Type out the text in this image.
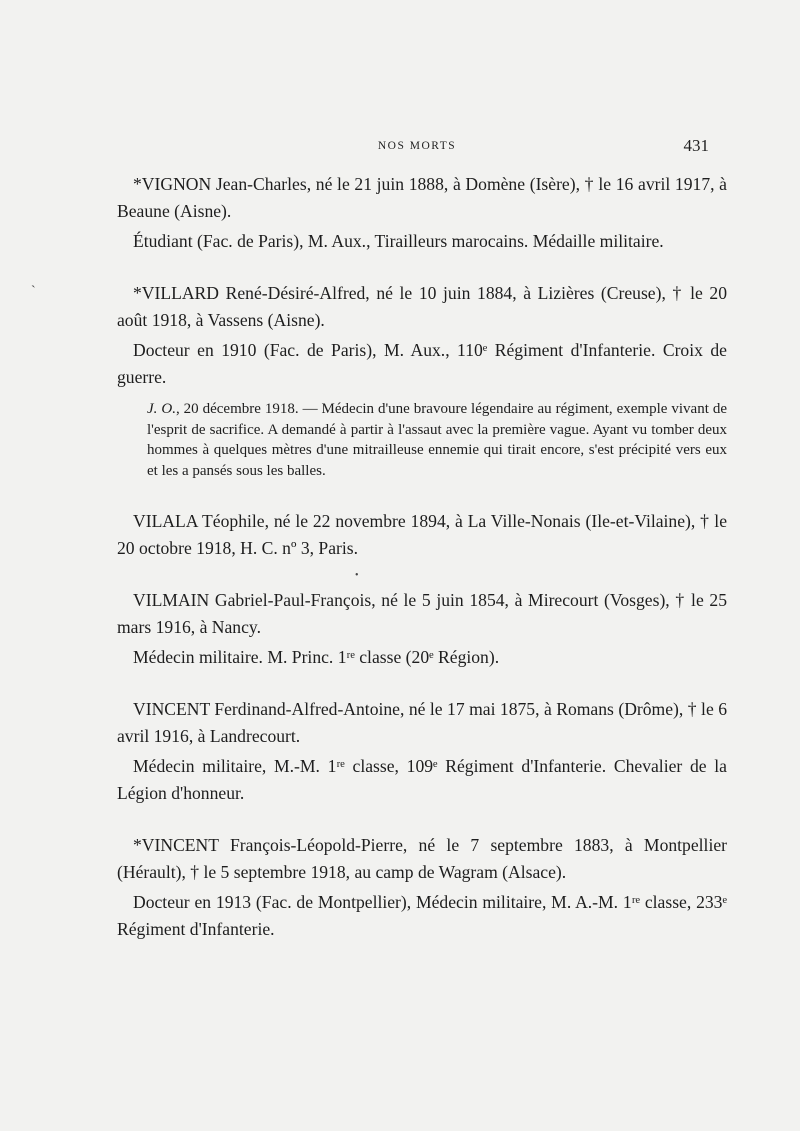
NOS MORTS	431

*VIGNON Jean-Charles, né le 21 juin 1888, à Domène (Isère), † le 16 avril 1917, à Beaune (Aisne).

Étudiant (Fac. de Paris), M. Aux., Tirailleurs marocains. Médaille militaire.

*VILLARD René-Désiré-Alfred, né le 10 juin 1884, à Lizières (Creuse), † le 20 août 1918, à Vassens (Aisne).

Docteur en 1910 (Fac. de Paris), M. Aux., 110ᵉ Régiment d'Infanterie. Croix de guerre.

J. O., 20 décembre 1918. — Médecin d'une bravoure légendaire au régiment, exemple vivant de l'esprit de sacrifice. A demandé à partir à l'assaut avec la première vague. Ayant vu tomber deux hommes à quelques mètres d'une mitrailleuse ennemie qui tirait encore, s'est précipité vers eux et les a pansés sous les balles.

VILALA Téophile, né le 22 novembre 1894, à La Ville-Nonais (Ile-et-Vilaine), † le 20 octobre 1918, H. C. nº 3, Paris.

VILMAIN Gabriel-Paul-François, né le 5 juin 1854, à Mirecourt (Vosges), † le 25 mars 1916, à Nancy.

Médecin militaire. M. Princ. 1ʳᵉ classe (20ᵉ Région).

VINCENT Ferdinand-Alfred-Antoine, né le 17 mai 1875, à Romans (Drôme), † le 6 avril 1916, à Landrecourt.

Médecin militaire, M.-M. 1ʳᵉ classe, 109ᵉ Régiment d'Infanterie. Chevalier de la Légion d'honneur.

*VINCENT François-Léopold-Pierre, né le 7 septembre 1883, à Montpellier (Hérault), † le 5 septembre 1918, au camp de Wagram (Alsace).

Docteur en 1913 (Fac. de Montpellier), Médecin militaire, M. A.-M. 1ʳᵉ classe, 233ᵉ Régiment d'Infanterie.

`
•
